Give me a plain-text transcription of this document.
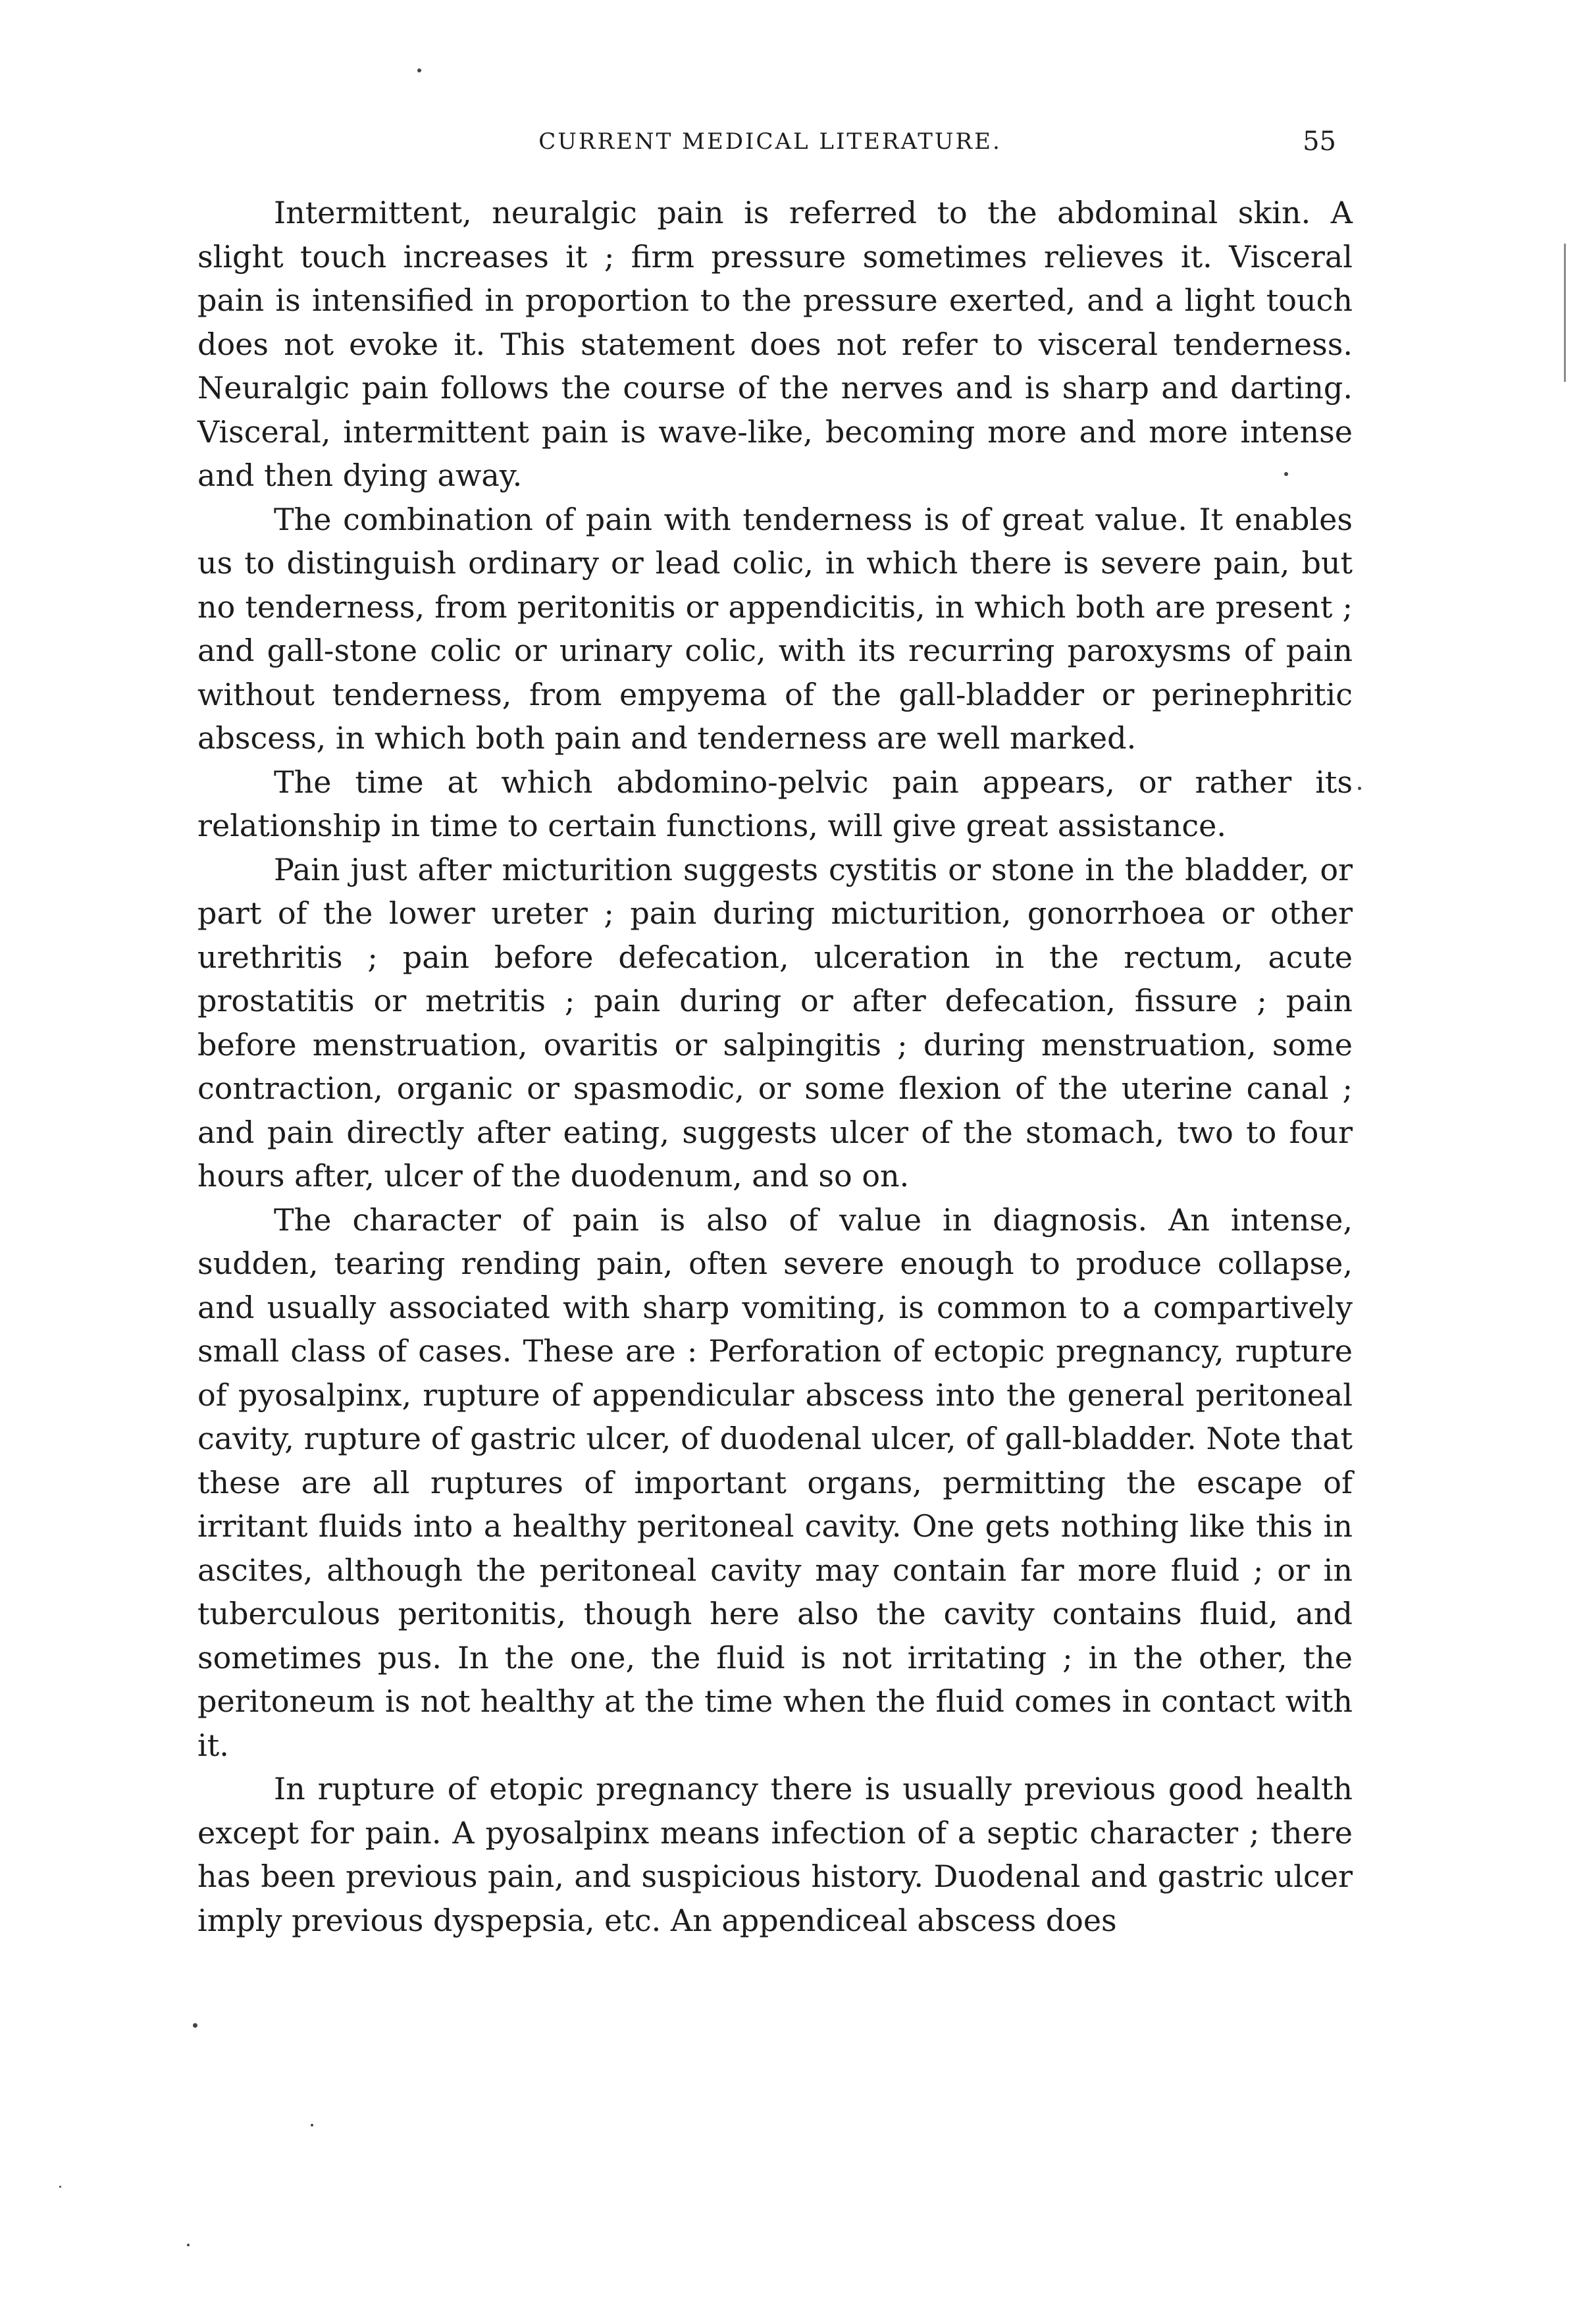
CURRENT MEDICAL LITERATURE.	55

Intermittent, neuralgic pain is referred to the abdominal skin. A slight touch increases it ; firm pressure sometimes relieves it. Visceral pain is intensified in proportion to the pressure exerted, and a light touch does not evoke it. This statement does not refer to visceral tenderness. Neuralgic pain follows the course of the nerves and is sharp and darting. Visceral, intermittent pain is wave-like, becoming more and more intense and then dying away.

The combination of pain with tenderness is of great value. It enables us to distinguish ordinary or lead colic, in which there is severe pain, but no tenderness, from peritonitis or appendicitis, in which both are present ; and gall-stone colic or urinary colic, with its recurring paroxysms of pain without tenderness, from empyema of the gall-bladder or perinephritic abscess, in which both pain and tenderness are well marked.

The time at which abdomino-pelvic pain appears, or rather its relationship in time to certain functions, will give great assistance.

Pain just after micturition suggests cystitis or stone in the bladder, or part of the lower ureter ; pain during micturition, gonorrhoea or other urethritis ; pain before defecation, ulceration in the rectum, acute prostatitis or metritis ; pain during or after defecation, fissure ; pain before menstruation, ovaritis or salpingitis ; during menstruation, some contraction, organic or spasmodic, or some flexion of the uterine canal ; and pain directly after eating, suggests ulcer of the stomach, two to four hours after, ulcer of the duodenum, and so on.

The character of pain is also of value in diagnosis. An intense, sudden, tearing rending pain, often severe enough to produce collapse, and usually associated with sharp vomiting, is common to a compartively small class of cases. These are : Perforation of ectopic pregnancy, rupture of pyosalpinx, rupture of appendicular abscess into the general peritoneal cavity, rupture of gastric ulcer, of duodenal ulcer, of gall-bladder. Note that these are all ruptures of important organs, permitting the escape of irritant fluids into a healthy peritoneal cavity. One gets nothing like this in ascites, although the peritoneal cavity may contain far more fluid ; or in tuberculous peritonitis, though here also the cavity contains fluid, and sometimes pus. In the one, the fluid is not irritating ; in the other, the peritoneum is not healthy at the time when the fluid comes in contact with it.

In rupture of etopic pregnancy there is usually previous good health except for pain. A pyosalpinx means infection of a septic character ; there has been previous pain, and suspicious history. Duodenal and gastric ulcer imply previous dyspepsia, etc. An appendiceal abscess does
